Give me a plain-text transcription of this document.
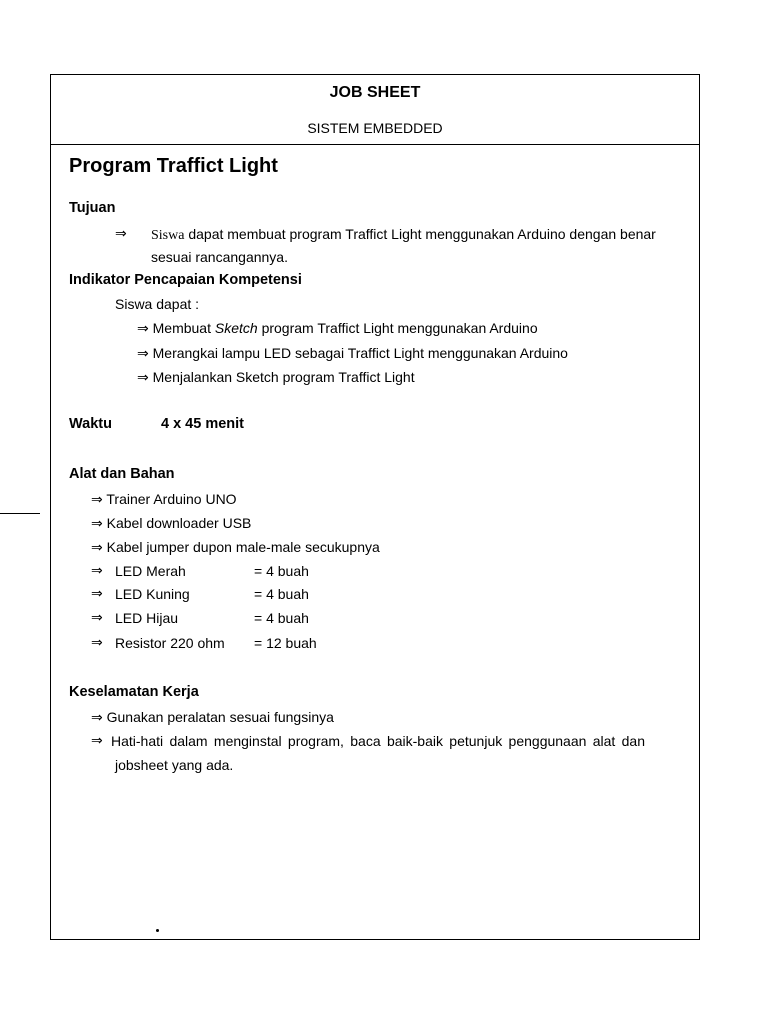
JOB SHEET
SISTEM EMBEDDED
Program Traffict Light
Tujuan
⇒ Siswa dapat membuat program Traffict Light menggunakan Arduino dengan benar
sesuai rancangannya.
Indikator Pencapaian Kompetensi
Siswa dapat :
⇒ Membuat Sketch program Traffict Light menggunakan Arduino
⇒ Merangkai lampu LED sebagai Traffict Light menggunakan Arduino
⇒ Menjalankan Sketch program Traffict Light
Waktu	4 x 45 menit
Alat dan Bahan
⇒ Trainer Arduino UNO
⇒ Kabel downloader USB
⇒ Kabel jumper dupon male-male secukupnya
⇒ LED Merah	= 4 buah
⇒ LED Kuning	= 4 buah
⇒ LED Hijau	= 4 buah
⇒ Resistor 220 ohm = 12 buah
Keselamatan Kerja
⇒ Gunakan peralatan sesuai fungsinya
⇒ Hati-hati dalam menginstal program, baca baik-baik petunjuk penggunaan alat dan
jobsheet yang ada.
